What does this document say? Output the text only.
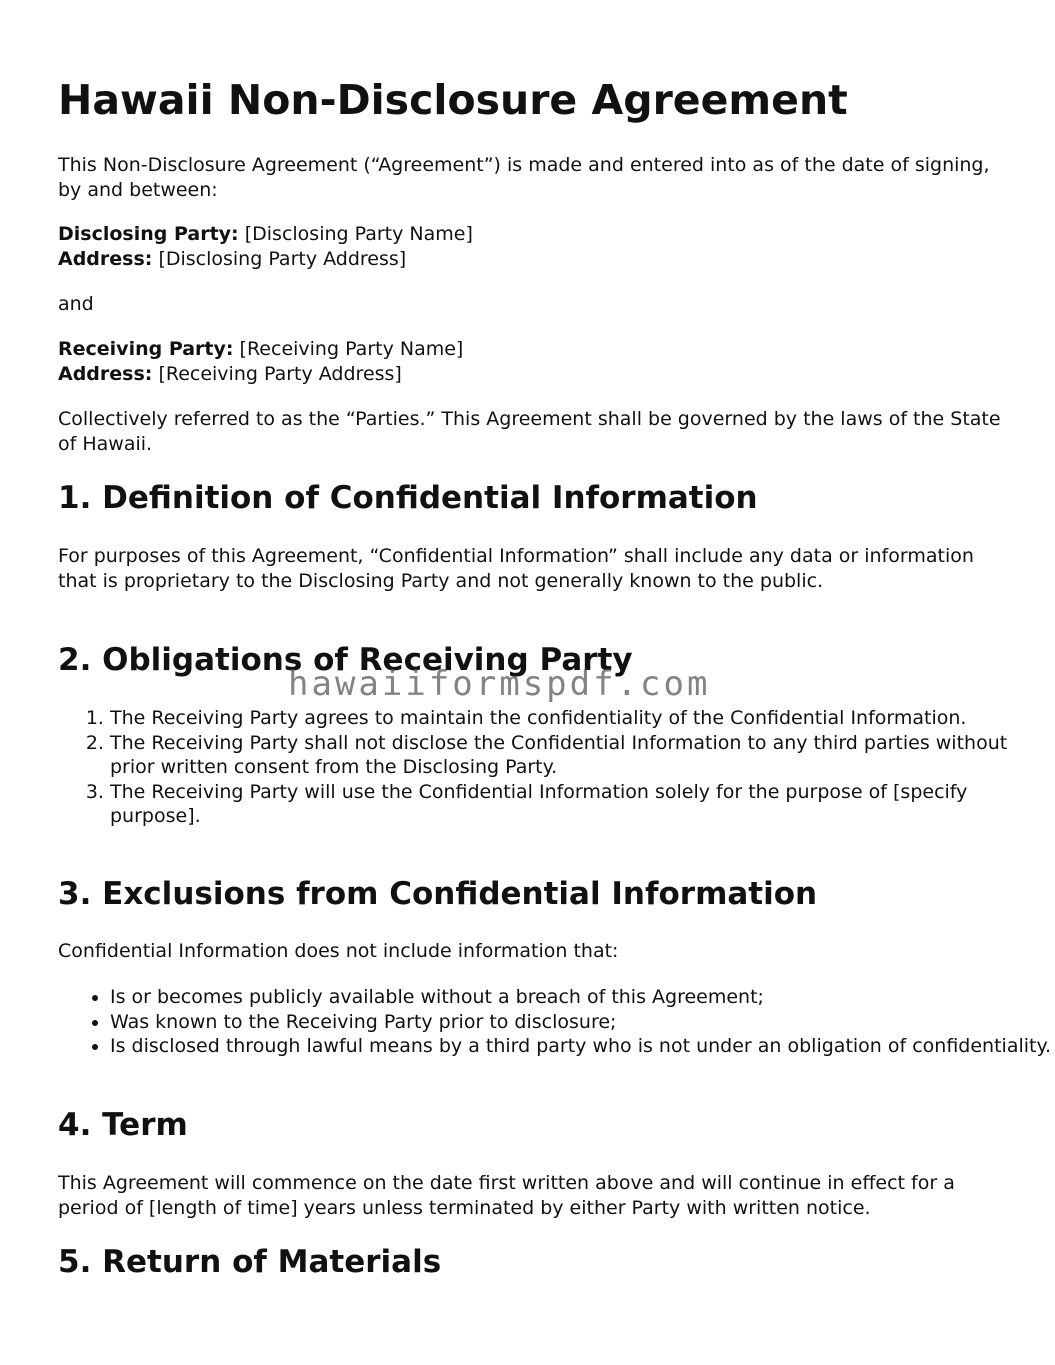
Hawaii Non-Disclosure Agreement

This Non-Disclosure Agreement (“Agreement”) is made and entered into as of the date of signing, by and between:

Disclosing Party: [Disclosing Party Name]

Address: [Disclosing Party Address]

and

Receiving Party: [Receiving Party Name]

Address: [Receiving Party Address]

Collectively referred to as the “Parties.” This Agreement shall be governed by the laws of the State of Hawaii.

1. Definition of Confidential Information

For purposes of this Agreement, “Confidential Information” shall include any data or information that is proprietary to the Disclosing Party and not generally known to the public.

2. Obligations of Receiving Party
1. The Receiving Party agrees to maintain the confidentiality of the Confidential Information.
2. The Receiving Party shall not disclose the Confidential Information to any third parties without prior written consent from the Disclosing Party.
3. The Receiving Party will use the Confidential Information solely for the purpose of [specify purpose].
3. Exclusions from Confidential Information

Confidential Information does not include information that:

• Is or becomes publicly available without a breach of this Agreement;
• Was known to the Receiving Party prior to disclosure;
• Is disclosed through lawful means by a third party who is not under an obligation of confidentiality.
4. Term

This Agreement will commence on the date first written above and will continue in effect for a period of [length of time] years unless terminated by either Party with written notice.

5. Return of Materials
hawaiiformspdf.com
